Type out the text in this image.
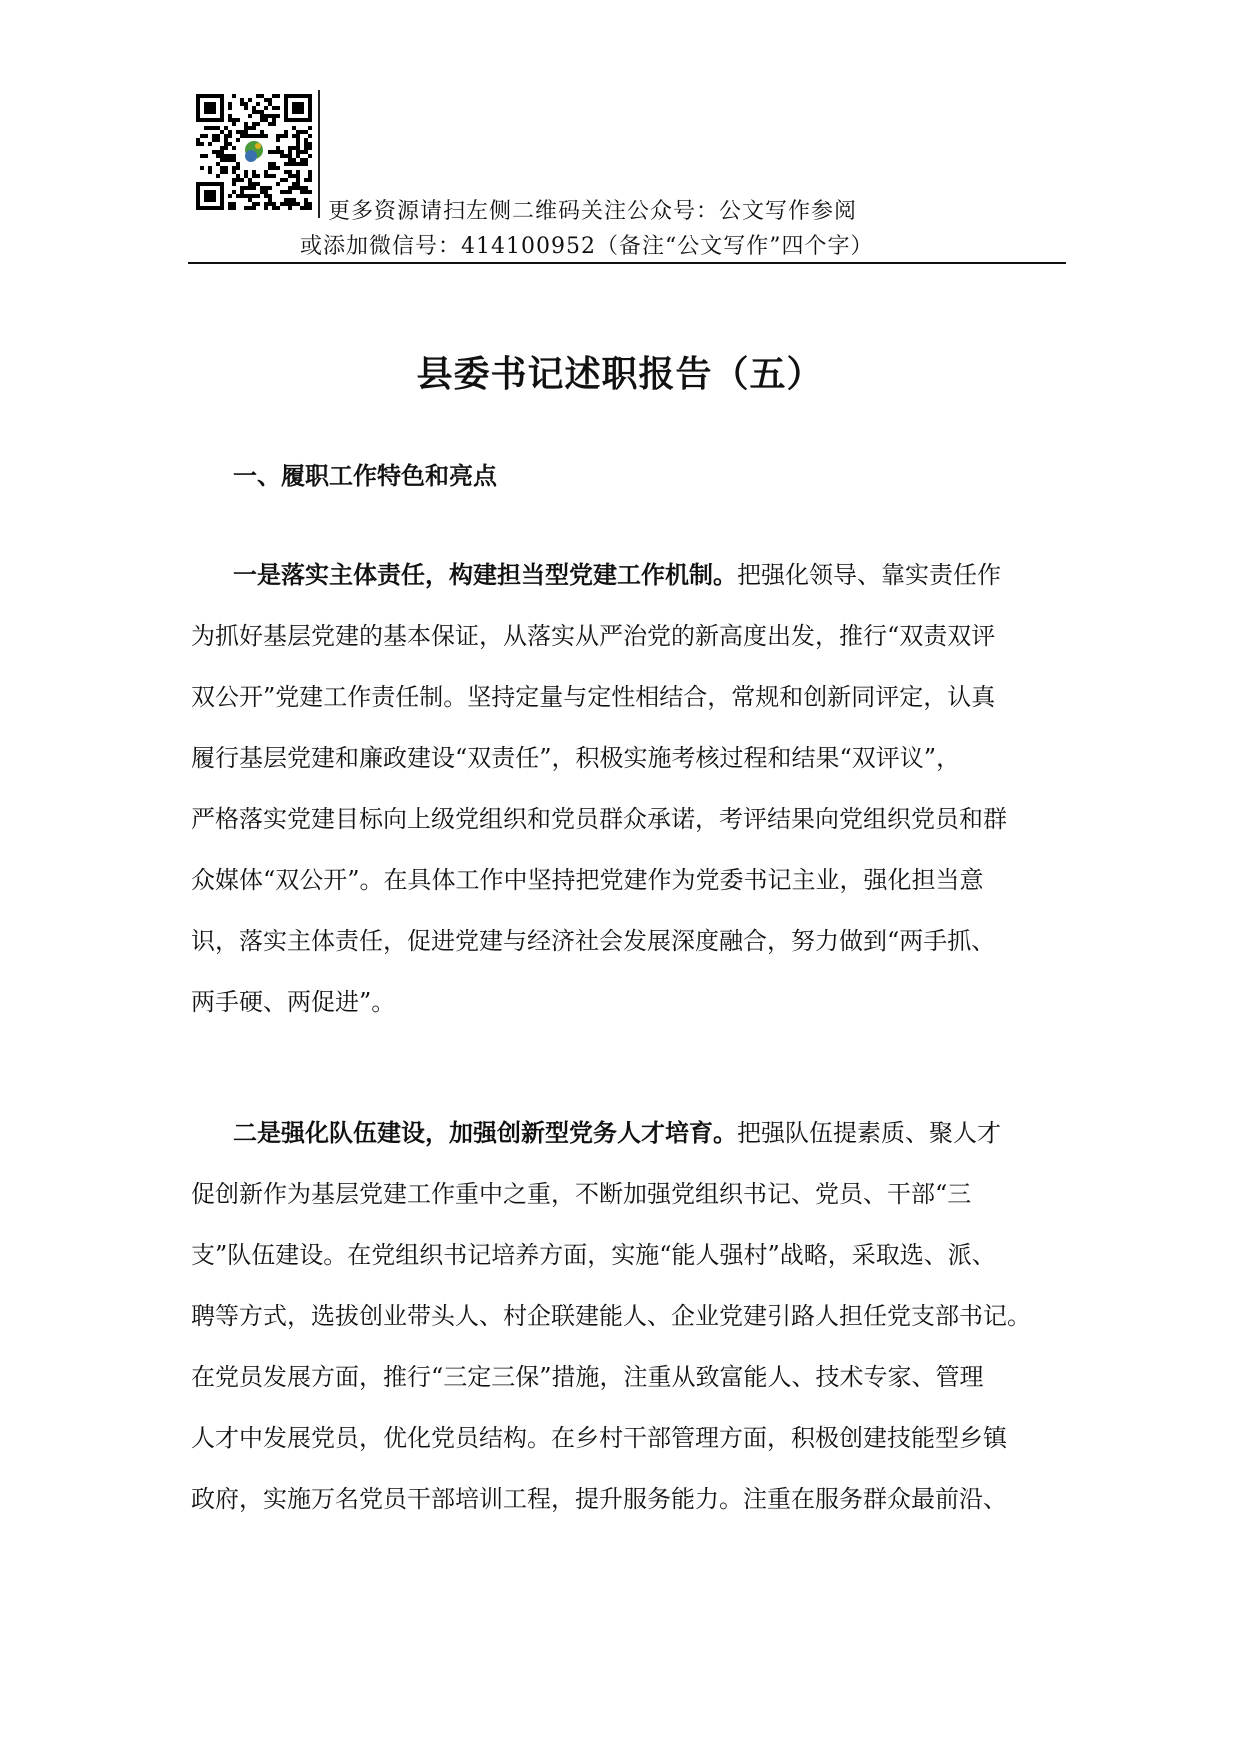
更多资源请扫左侧二维码关注公众号：公文写作参阅
或添加微信号：414100952（备注“公文写作”四个字）
县委书记述职报告（五）
一、履职工作特色和亮点
一是落实主体责任，构建担当型党建工作机制。把强化领导、靠实责任作
为抓好基层党建的基本保证，从落实从严治党的新高度出发，推行“双责双评
双公开”党建工作责任制。坚持定量与定性相结合，常规和创新同评定，认真
履行基层党建和廉政建设“双责任”，积极实施考核过程和结果“双评议”，
严格落实党建目标向上级党组织和党员群众承诺，考评结果向党组织党员和群
众媒体“双公开”。在具体工作中坚持把党建作为党委书记主业，强化担当意
识，落实主体责任，促进党建与经济社会发展深度融合，努力做到“两手抓、
两手硬、两促进”。
二是强化队伍建设，加强创新型党务人才培育。把强队伍提素质、聚人才
促创新作为基层党建工作重中之重，不断加强党组织书记、党员、干部“三
支”队伍建设。在党组织书记培养方面，实施“能人强村”战略，采取选、派、
聘等方式，选拔创业带头人、村企联建能人、企业党建引路人担任党支部书记。
在党员发展方面，推行“三定三保”措施，注重从致富能人、技术专家、管理
人才中发展党员，优化党员结构。在乡村干部管理方面，积极创建技能型乡镇
政府，实施万名党员干部培训工程，提升服务能力。注重在服务群众最前沿、
